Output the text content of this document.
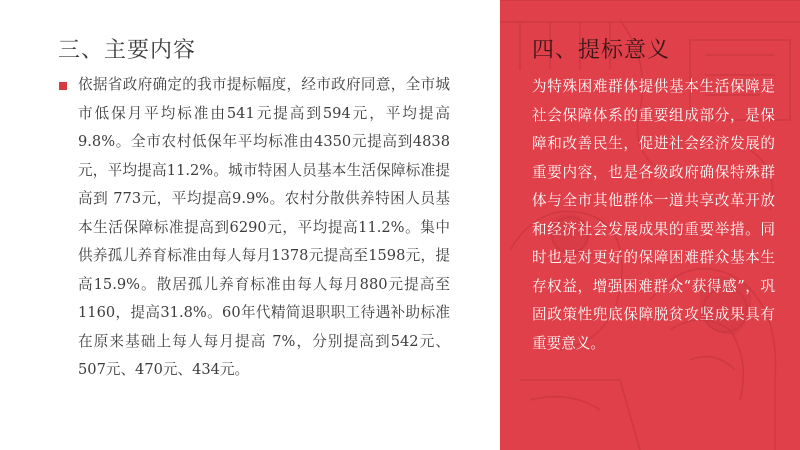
三、主要内容
依据省政府确定的我市提标幅度，经市政府同意，全市城市低保月平均标准由541元提高到594元，平均提高9.8%。全市农村低保年平均标准由4350元提高到4838元，平均提高11.2%。城市特困人员基本生活保障标准提高到 773元，平均提高9.9%。农村分散供养特困人员基本生活保障标准提高到6290元，平均提高11.2%。集中供养孤儿养育标准由每人每月1378元提高至1598元，提高15.9%。散居孤儿养育标准由每人每月880元提高至1160，提高31.8%。60年代精简退职职工待遇补助标准在原来基础上每人每月提高 7%，分别提高到542元、507元、470元、434元。
四、提标意义
为特殊困难群体提供基本生活保障是社会保障体系的重要组成部分，是保障和改善民生，促进社会经济发展的重要内容，也是各级政府确保特殊群体与全市其他群体一道共享改革开放和经济社会发展成果的重要举措。同时也是对更好的保障困难群众基本生存权益，增强困难群众“获得感”，巩固政策性兜底保障脱贫攻坚成果具有重要意义。
